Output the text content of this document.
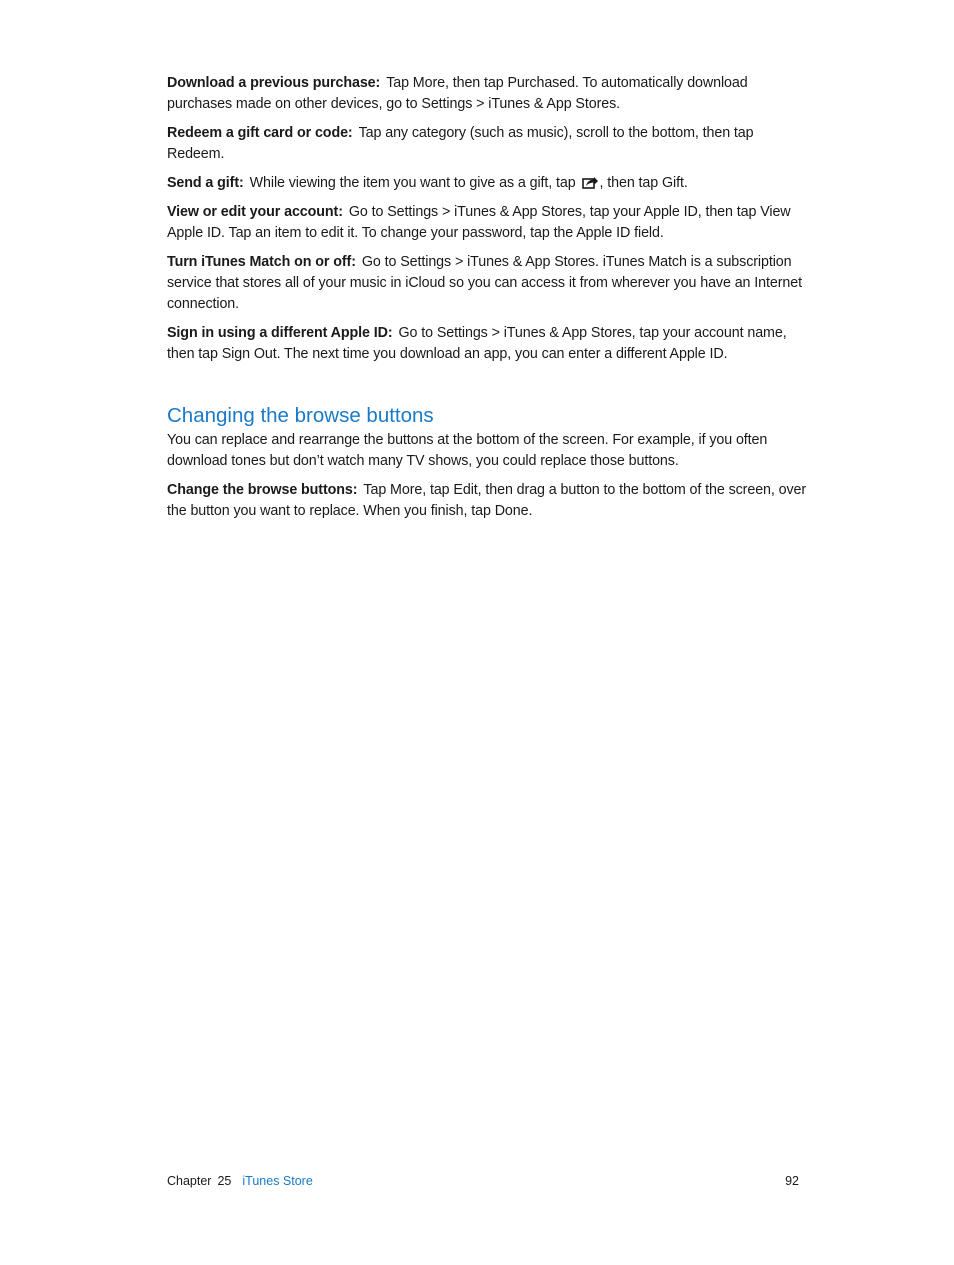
Download a previous purchase: Tap More, then tap Purchased. To automatically download purchases made on other devices, go to Settings > iTunes & App Stores.

Redeem a gift card or code: Tap any category (such as music), scroll to the bottom, then tap Redeem.

Send a gift: While viewing the item you want to give as a gift, tap , then tap Gift.

View or edit your account: Go to Settings > iTunes & App Stores, tap your Apple ID, then tap View Apple ID. Tap an item to edit it. To change your password, tap the Apple ID field.

Turn iTunes Match on or off: Go to Settings > iTunes & App Stores. iTunes Match is a subscription service that stores all of your music in iCloud so you can access it from wherever you have an Internet connection.

Sign in using a different Apple ID: Go to Settings > iTunes & App Stores, tap your account name, then tap Sign Out. The next time you download an app, you can enter a different Apple ID.

Changing the browse buttons

You can replace and rearrange the buttons at the bottom of the screen. For example, if you often download tones but don’t watch many TV shows, you could replace those buttons.

Change the browse buttons: Tap More, tap Edit, then drag a button to the bottom of the screen, over the button you want to replace. When you finish, tap Done.

Chapter 25 iTunes Store	92
